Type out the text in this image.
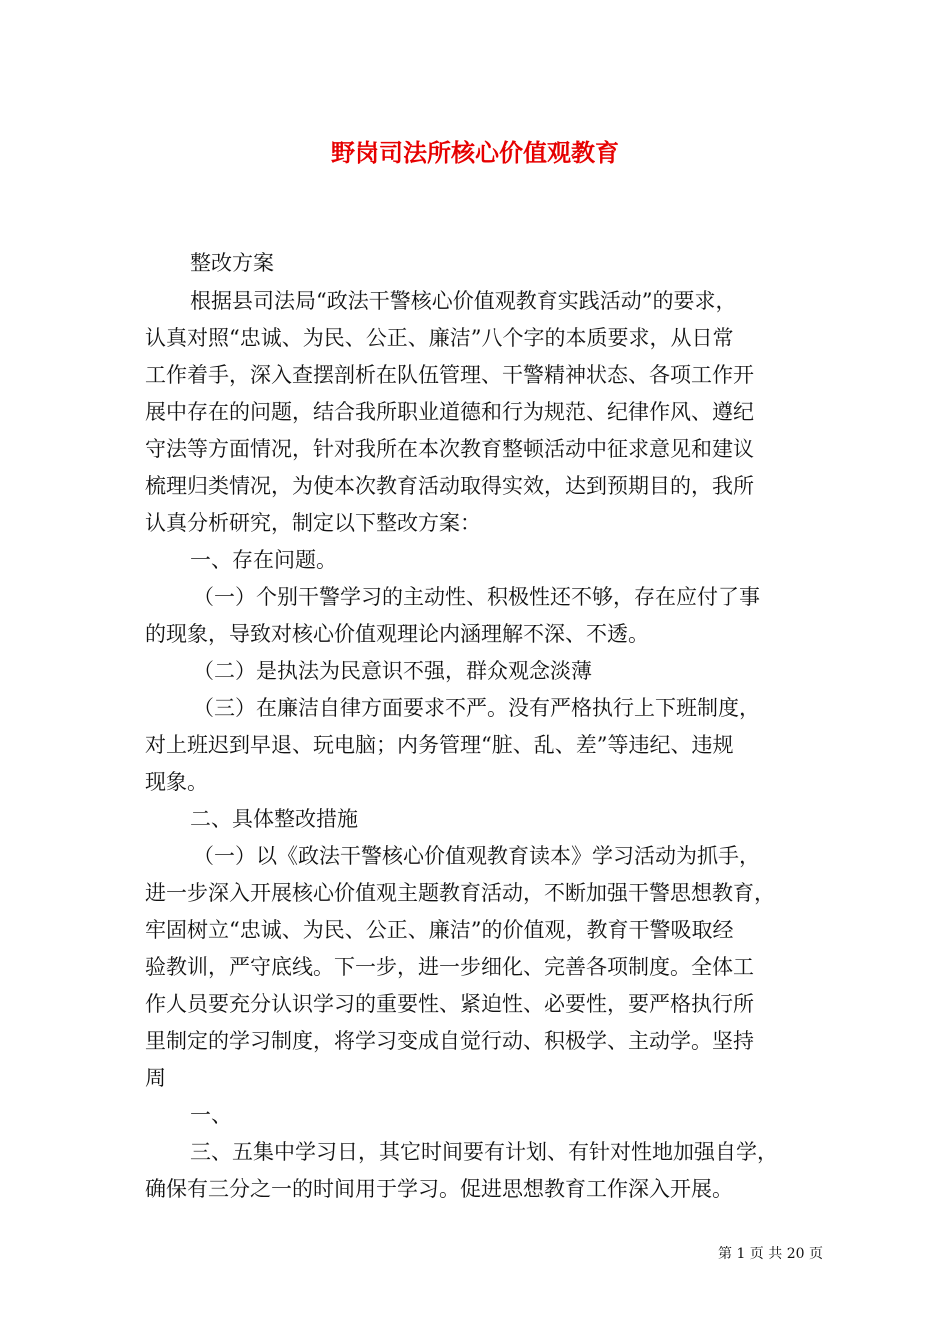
野岗司法所核心价值观教育
整改方案
根据县司法局“政法干警核心价值观教育实践活动”的要求，
认真对照“忠诚、为民、公正、廉洁”八个字的本质要求，从日常
工作着手，深入查摆剖析在队伍管理、干警精神状态、各项工作开
展中存在的问题，结合我所职业道德和行为规范、纪律作风、遵纪
守法等方面情况，针对我所在本次教育整顿活动中征求意见和建议
梳理归类情况，为使本次教育活动取得实效，达到预期目的，我所
认真分析研究，制定以下整改方案：
一、存在问题。
（一）个别干警学习的主动性、积极性还不够，存在应付了事
的现象，导致对核心价值观理论内涵理解不深、不透。
（二）是执法为民意识不强，群众观念淡薄
（三）在廉洁自律方面要求不严。没有严格执行上下班制度，
对上班迟到早退、玩电脑；内务管理“脏、乱、差”等违纪、违规
现象。
二、具体整改措施
（一）以《政法干警核心价值观教育读本》学习活动为抓手，
进一步深入开展核心价值观主题教育活动，不断加强干警思想教育，
牢固树立“忠诚、为民、公正、廉洁”的价值观，教育干警吸取经
验教训，严守底线。下一步，进一步细化、完善各项制度。全体工
作人员要充分认识学习的重要性、紧迫性、必要性，要严格执行所
里制定的学习制度，将学习变成自觉行动、积极学、主动学。坚持
周
一、
三、五集中学习日，其它时间要有计划、有针对性地加强自学，
确保有三分之一的时间用于学习。促进思想教育工作深入开展。
第 1 页 共 20 页
